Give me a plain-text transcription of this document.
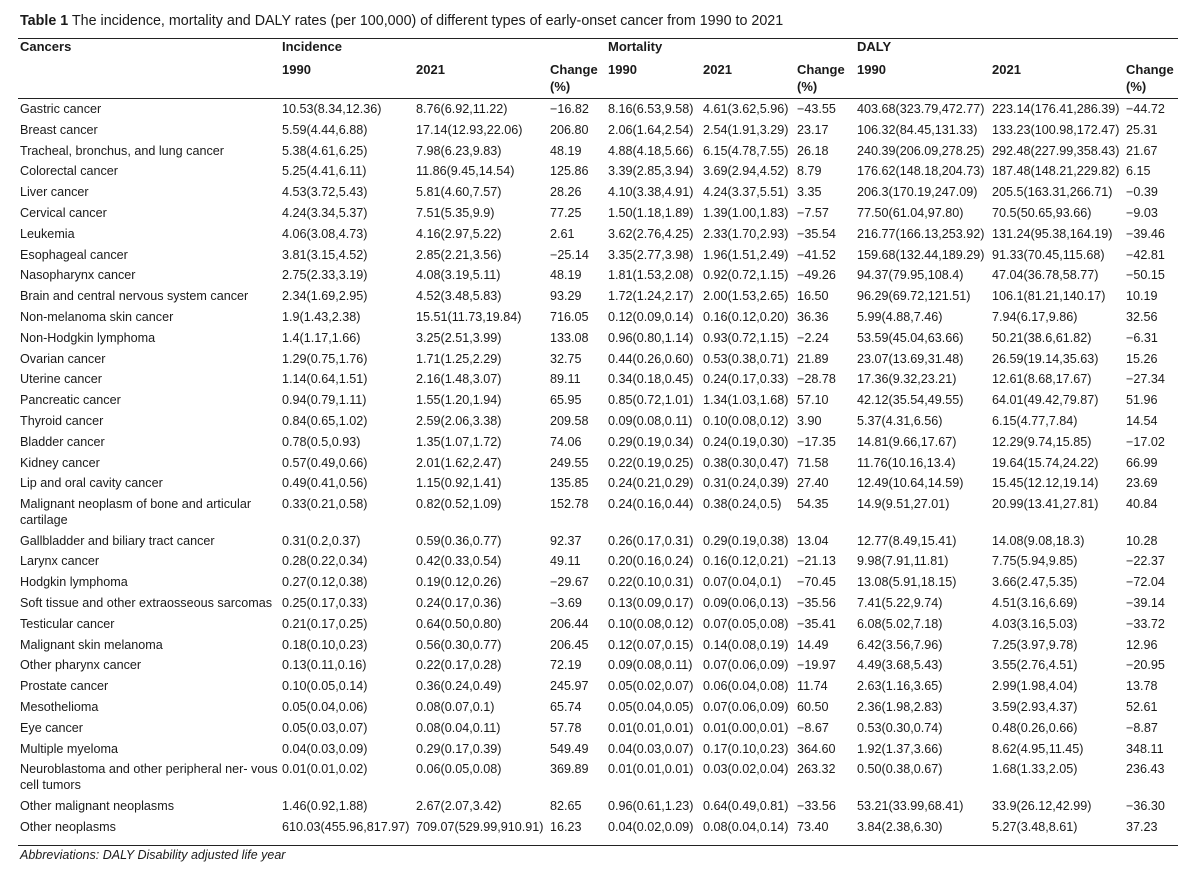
Table 1 The incidence, mortality and DALY rates (per 100,000) of different types of early-onset cancer from 1990 to 2021
Cancers	Incidence			Mortality			DALY		
	1990	2021	Change (%)	1990	2021	Change (%)	1990	2021	Change (%)
Gastric cancer	10.53(8.34,12.36)	8.76(6.92,11.22)	−16.82	8.16(6.53,9.58)	4.61(3.62,5.96)	−43.55	403.68(323.79,472.77)	223.14(176.41,286.39)	−44.72
Breast cancer	5.59(4.44,6.88)	17.14(12.93,22.06)	206.80	2.06(1.64,2.54)	2.54(1.91,3.29)	23.17	106.32(84.45,131.33)	133.23(100.98,172.47)	25.31
Tracheal, bronchus, and lung cancer	5.38(4.61,6.25)	7.98(6.23,9.83)	48.19	4.88(4.18,5.66)	6.15(4.78,7.55)	26.18	240.39(206.09,278.25)	292.48(227.99,358.43)	21.67
Colorectal cancer	5.25(4.41,6.11)	11.86(9.45,14.54)	125.86	3.39(2.85,3.94)	3.69(2.94,4.52)	8.79	176.62(148.18,204.73)	187.48(148.21,229.82)	6.15
Liver cancer	4.53(3.72,5.43)	5.81(4.60,7.57)	28.26	4.10(3.38,4.91)	4.24(3.37,5.51)	3.35	206.3(170.19,247.09)	205.5(163.31,266.71)	−0.39
Cervical cancer	4.24(3.34,5.37)	7.51(5.35,9.9)	77.25	1.50(1.18,1.89)	1.39(1.00,1.83)	−7.57	77.50(61.04,97.80)	70.5(50.65,93.66)	−9.03
Leukemia	4.06(3.08,4.73)	4.16(2.97,5.22)	2.61	3.62(2.76,4.25)	2.33(1.70,2.93)	−35.54	216.77(166.13,253.92)	131.24(95.38,164.19)	−39.46
Esophageal cancer	3.81(3.15,4.52)	2.85(2.21,3.56)	−25.14	3.35(2.77,3.98)	1.96(1.51,2.49)	−41.52	159.68(132.44,189.29)	91.33(70.45,115.68)	−42.81
Nasopharynx cancer	2.75(2.33,3.19)	4.08(3.19,5.11)	48.19	1.81(1.53,2.08)	0.92(0.72,1.15)	−49.26	94.37(79.95,108.4)	47.04(36.78,58.77)	−50.15
Brain and central nervous system cancer	2.34(1.69,2.95)	4.52(3.48,5.83)	93.29	1.72(1.24,2.17)	2.00(1.53,2.65)	16.50	96.29(69.72,121.51)	106.1(81.21,140.17)	10.19
Non-melanoma skin cancer	1.9(1.43,2.38)	15.51(11.73,19.84)	716.05	0.12(0.09,0.14)	0.16(0.12,0.20)	36.36	5.99(4.88,7.46)	7.94(6.17,9.86)	32.56
Non-Hodgkin lymphoma	1.4(1.17,1.66)	3.25(2.51,3.99)	133.08	0.96(0.80,1.14)	0.93(0.72,1.15)	−2.24	53.59(45.04,63.66)	50.21(38.6,61.82)	−6.31
Ovarian cancer	1.29(0.75,1.76)	1.71(1.25,2.29)	32.75	0.44(0.26,0.60)	0.53(0.38,0.71)	21.89	23.07(13.69,31.48)	26.59(19.14,35.63)	15.26
Uterine cancer	1.14(0.64,1.51)	2.16(1.48,3.07)	89.11	0.34(0.18,0.45)	0.24(0.17,0.33)	−28.78	17.36(9.32,23.21)	12.61(8.68,17.67)	−27.34
Pancreatic cancer	0.94(0.79,1.11)	1.55(1.20,1.94)	65.95	0.85(0.72,1.01)	1.34(1.03,1.68)	57.10	42.12(35.54,49.55)	64.01(49.42,79.87)	51.96
Thyroid cancer	0.84(0.65,1.02)	2.59(2.06,3.38)	209.58	0.09(0.08,0.11)	0.10(0.08,0.12)	3.90	5.37(4.31,6.56)	6.15(4.77,7.84)	14.54
Bladder cancer	0.78(0.5,0.93)	1.35(1.07,1.72)	74.06	0.29(0.19,0.34)	0.24(0.19,0.30)	−17.35	14.81(9.66,17.67)	12.29(9.74,15.85)	−17.02
Kidney cancer	0.57(0.49,0.66)	2.01(1.62,2.47)	249.55	0.22(0.19,0.25)	0.38(0.30,0.47)	71.58	11.76(10.16,13.4)	19.64(15.74,24.22)	66.99
Lip and oral cavity cancer	0.49(0.41,0.56)	1.15(0.92,1.41)	135.85	0.24(0.21,0.29)	0.31(0.24,0.39)	27.40	12.49(10.64,14.59)	15.45(12.12,19.14)	23.69
Malignant neoplasm of bone and articular cartilage	0.33(0.21,0.58)	0.82(0.52,1.09)	152.78	0.24(0.16,0.44)	0.38(0.24,0.5)	54.35	14.9(9.51,27.01)	20.99(13.41,27.81)	40.84
Gallbladder and biliary tract cancer	0.31(0.2,0.37)	0.59(0.36,0.77)	92.37	0.26(0.17,0.31)	0.29(0.19,0.38)	13.04	12.77(8.49,15.41)	14.08(9.08,18.3)	10.28
Larynx cancer	0.28(0.22,0.34)	0.42(0.33,0.54)	49.11	0.20(0.16,0.24)	0.16(0.12,0.21)	−21.13	9.98(7.91,11.81)	7.75(5.94,9.85)	−22.37
Hodgkin lymphoma	0.27(0.12,0.38)	0.19(0.12,0.26)	−29.67	0.22(0.10,0.31)	0.07(0.04,0.1)	−70.45	13.08(5.91,18.15)	3.66(2.47,5.35)	−72.04
Soft tissue and other extraosseous sarcomas	0.25(0.17,0.33)	0.24(0.17,0.36)	−3.69	0.13(0.09,0.17)	0.09(0.06,0.13)	−35.56	7.41(5.22,9.74)	4.51(3.16,6.69)	−39.14
Testicular cancer	0.21(0.17,0.25)	0.64(0.50,0.80)	206.44	0.10(0.08,0.12)	0.07(0.05,0.08)	−35.41	6.08(5.02,7.18)	4.03(3.16,5.03)	−33.72
Malignant skin melanoma	0.18(0.10,0.23)	0.56(0.30,0.77)	206.45	0.12(0.07,0.15)	0.14(0.08,0.19)	14.49	6.42(3.56,7.96)	7.25(3.97,9.78)	12.96
Other pharynx cancer	0.13(0.11,0.16)	0.22(0.17,0.28)	72.19	0.09(0.08,0.11)	0.07(0.06,0.09)	−19.97	4.49(3.68,5.43)	3.55(2.76,4.51)	−20.95
Prostate cancer	0.10(0.05,0.14)	0.36(0.24,0.49)	245.97	0.05(0.02,0.07)	0.06(0.04,0.08)	11.74	2.63(1.16,3.65)	2.99(1.98,4.04)	13.78
Mesothelioma	0.05(0.04,0.06)	0.08(0.07,0.1)	65.74	0.05(0.04,0.05)	0.07(0.06,0.09)	60.50	2.36(1.98,2.83)	3.59(2.93,4.37)	52.61
Eye cancer	0.05(0.03,0.07)	0.08(0.04,0.11)	57.78	0.01(0.01,0.01)	0.01(0.00,0.01)	−8.67	0.53(0.30,0.74)	0.48(0.26,0.66)	−8.87
Multiple myeloma	0.04(0.03,0.09)	0.29(0.17,0.39)	549.49	0.04(0.03,0.07)	0.17(0.10,0.23)	364.60	1.92(1.37,3.66)	8.62(4.95,11.45)	348.11
Neuroblastoma and other peripheral ner- vous cell tumors	0.01(0.01,0.02)	0.06(0.05,0.08)	369.89	0.01(0.01,0.01)	0.03(0.02,0.04)	263.32	0.50(0.38,0.67)	1.68(1.33,2.05)	236.43
Other malignant neoplasms	1.46(0.92,1.88)	2.67(2.07,3.42)	82.65	0.96(0.61,1.23)	0.64(0.49,0.81)	−33.56	53.21(33.99,68.41)	33.9(26.12,42.99)	−36.30
Other neoplasms	610.03(455.96,817.97)	709.07(529.99,910.91)	16.23	0.04(0.02,0.09)	0.08(0.04,0.14)	73.40	3.84(2.38,6.30)	5.27(3.48,8.61)	37.23
Abbreviations: DALY Disability adjusted life year
